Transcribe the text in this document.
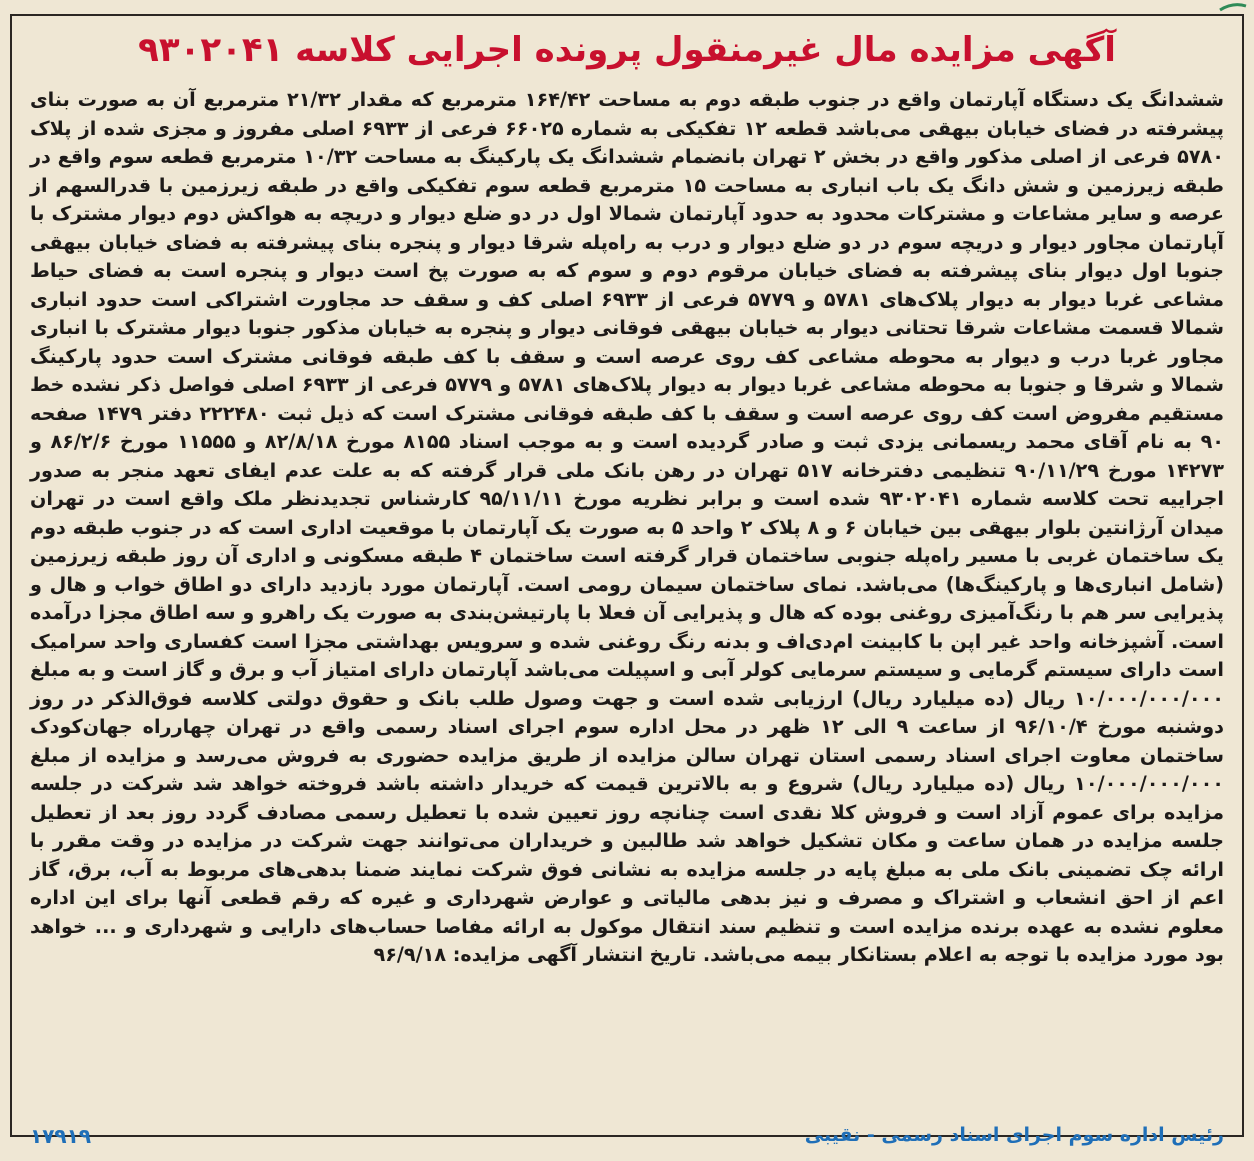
آگهی مزایده مال غیرمنقول پرونده اجرایی کلاسه ۹۳۰۲۰۴۱
ششدانگ یک دستگاه آپارتمان واقع در جنوب طبقه دوم به مساحت ۱۶۴/۴۲ مترمربع که مقدار ۲۱/۳۲ مترمربع آن به صورت بنای پیشرفته در فضای خیابان بیهقی می‌باشد قطعه ۱۲ تفکیکی به شماره ۶۶۰۲۵ فرعی از ۶۹۳۳ اصلی مفروز و مجزی شده از پلاک ۵۷۸۰ فرعی از اصلی مذکور واقع در بخش ۲ تهران بانضمام ششدانگ یک پارکینگ به مساحت ۱۰/۳۲ مترمربع قطعه سوم واقع در طبقه زیرزمین و شش دانگ یک باب انباری به مساحت ۱۵ مترمربع قطعه سوم تفکیکی واقع در طبقه زیرزمین با قدرالسهم از عرصه و سایر مشاعات و مشترکات محدود به حدود آپارتمان شمالا اول در دو ضلع دیوار و دریچه به هواکش دوم دیوار مشترک با آپارتمان مجاور دیوار و دریچه سوم در دو ضلع دیوار و درب به راه‌پله شرقا دیوار و پنجره بنای پیشرفته به فضای خیابان بیهقی جنوبا اول دیوار بنای پیشرفته به فضای خیابان مرقوم دوم و سوم که به صورت پخ است دیوار و پنجره است به فضای حیاط مشاعی غربا دیوار به دیوار پلاک‌های ۵۷۸۱ و ۵۷۷۹ فرعی از ۶۹۳۳ اصلی کف و سقف حد مجاورت اشتراکی است حدود انباری شمالا قسمت مشاعات شرقا تحتانی دیوار به خیابان بیهقی فوقانی دیوار و پنجره به خیابان مذکور جنوبا دیوار مشترک با انباری مجاور غربا درب و دیوار به محوطه مشاعی کف روی عرصه است و سقف با کف طبقه فوقانی مشترک است حدود پارکینگ شمالا و شرقا و جنوبا به محوطه مشاعی غربا دیوار به دیوار پلاک‌های ۵۷۸۱ و ۵۷۷۹ فرعی از ۶۹۳۳ اصلی فواصل ذکر نشده خط مستقیم مفروض است کف روی عرصه است و سقف با کف طبقه فوقانی مشترک است که ذیل ثبت ۲۲۲۴۸۰ دفتر ۱۴۷۹ صفحه ۹۰ به نام آقای محمد ریسمانی یزدی ثبت و صادر گردیده است و به موجب اسناد ۸۱۵۵ مورخ ۸۲/۸/۱۸ و ۱۱۵۵۵ مورخ ۸۶/۲/۶ و ۱۴۲۷۳ مورخ ۹۰/۱۱/۲۹ تنظیمی دفترخانه ۵۱۷ تهران در رهن بانک ملی قرار گرفته که به علت عدم ایفای تعهد منجر به صدور اجراییه تحت کلاسه شماره ۹۳۰۲۰۴۱ شده است و برابر نظریه مورخ ۹۵/۱۱/۱۱ کارشناس تجدیدنظر ملک واقع است در تهران میدان آرژانتین بلوار بیهقی بین خیابان ۶ و ۸ پلاک ۲ واحد ۵ به صورت یک آپارتمان با موقعیت اداری است که در جنوب طبقه دوم یک ساختمان غربی با مسیر راه‌پله جنوبی ساختمان قرار گرفته است ساختمان ۴ طبقه مسکونی و اداری آن روز طبقه زیرزمین (شامل انباری‌ها و پارکینگ‌ها) می‌باشد. نمای ساختمان سیمان رومی است. آپارتمان مورد بازدید دارای دو اطاق خواب و هال و پذیرایی سر هم با رنگ‌آمیزی روغنی بوده که هال و پذیرایی آن فعلا با پارتیشن‌بندی به صورت یک راهرو و سه اطاق مجزا درآمده است. آشپزخانه واحد غیر اپن با کابینت ام‌دی‌اف و بدنه رنگ روغنی شده و سرویس بهداشتی مجزا است کفساری واحد سرامیک است دارای سیستم گرمایی و سیستم سرمایی کولر آبی و اسپیلت می‌باشد آپارتمان دارای امتیاز آب و برق و گاز است و به مبلغ ۱۰/۰۰۰/۰۰۰/۰۰۰ ریال (ده میلیارد ریال) ارزیابی شده است و جهت وصول طلب بانک و حقوق دولتی کلاسه فوق‌الذکر در روز دوشنبه مورخ ۹۶/۱۰/۴ از ساعت ۹ الی ۱۲ ظهر در محل اداره سوم اجرای اسناد رسمی واقع در تهران چهارراه جهان‌کودک ساختمان معاوت اجرای اسناد رسمی استان تهران سالن مزایده از طریق مزایده حضوری به فروش می‌رسد و مزایده از مبلغ ۱۰/۰۰۰/۰۰۰/۰۰۰ ریال (ده میلیارد ریال) شروع و به بالاترین قیمت که خریدار داشته باشد فروخته خواهد شد شرکت در جلسه مزایده برای عموم آزاد است و فروش کلا نقدی است چنانچه روز تعیین شده با تعطیل رسمی مصادف گردد روز بعد از تعطیل جلسه مزایده در همان ساعت و مکان تشکیل خواهد شد طالبین و خریداران می‌توانند جهت شرکت در مزایده در وقت مقرر با ارائه چک تضمینی بانک ملی به مبلغ پایه در جلسه مزایده به نشانی فوق شرکت نمایند ضمنا بدهی‌های مربوط به آب، برق، گاز اعم از احق انشعاب و اشتراک و مصرف و نیز بدهی مالیاتی و عوارض شهرداری و غیره که رقم قطعی آنها برای این اداره معلوم نشده به عهده برنده مزایده است و تنظیم سند انتقال موکول به ارائه مفاصا حساب‌های دارایی و شهرداری و ... خواهد بود مورد مزایده با توجه به اعلام بستانکار بیمه می‌باشد. تاریخ انتشار آگهی مزایده: ۹۶/۹/۱۸
رئیس اداره سوم اجرای اسناد رسمی - نقیبی
۱۷۹۱۹
